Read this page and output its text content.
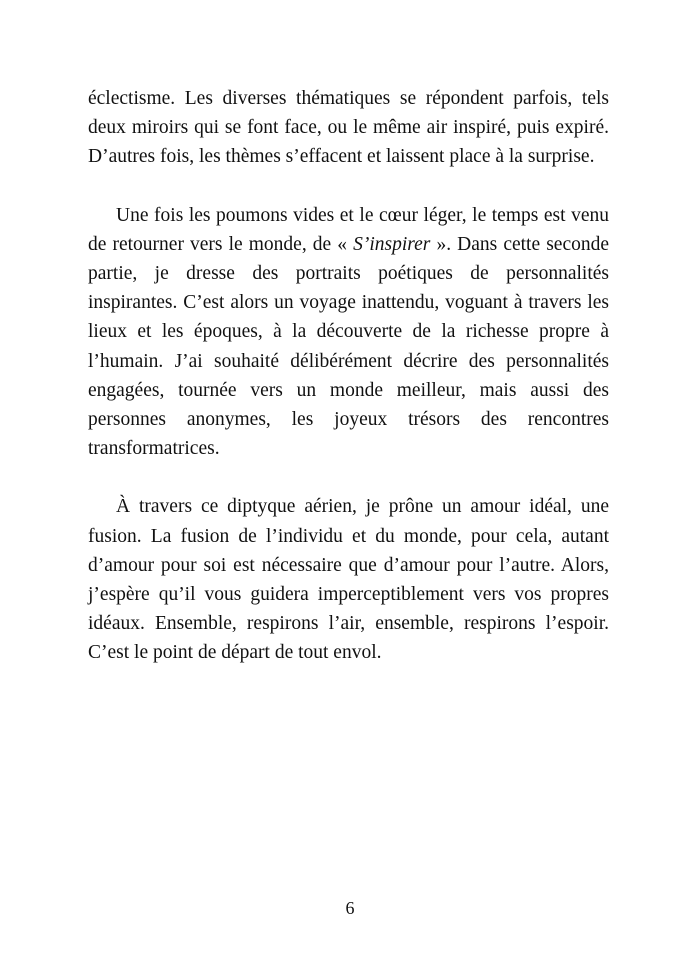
éclectisme. Les diverses thématiques se répondent parfois, tels deux miroirs qui se font face, ou le même air inspiré, puis expiré. D’autres fois, les thèmes s’effacent et laissent place à la surprise.

Une fois les poumons vides et le cœur léger, le temps est venu de retourner vers le monde, de « S’inspirer ». Dans cette seconde partie, je dresse des portraits poétiques de personnalités inspirantes. C’est alors un voyage inattendu, voguant à travers les lieux et les époques, à la découverte de la richesse propre à l’humain. J’ai souhaité délibérément décrire des personnalités engagées, tournée vers un monde meilleur, mais aussi des personnes anonymes, les joyeux trésors des rencontres transformatrices.

À travers ce diptyque aérien, je prône un amour idéal, une fusion. La fusion de l’individu et du monde, pour cela, autant d’amour pour soi est nécessaire que d’amour pour l’autre. Alors, j’espère qu’il vous guidera imperceptiblement vers vos propres idéaux. Ensemble, respirons l’air, ensemble, respirons l’espoir. C’est le point de départ de tout envol.

6
